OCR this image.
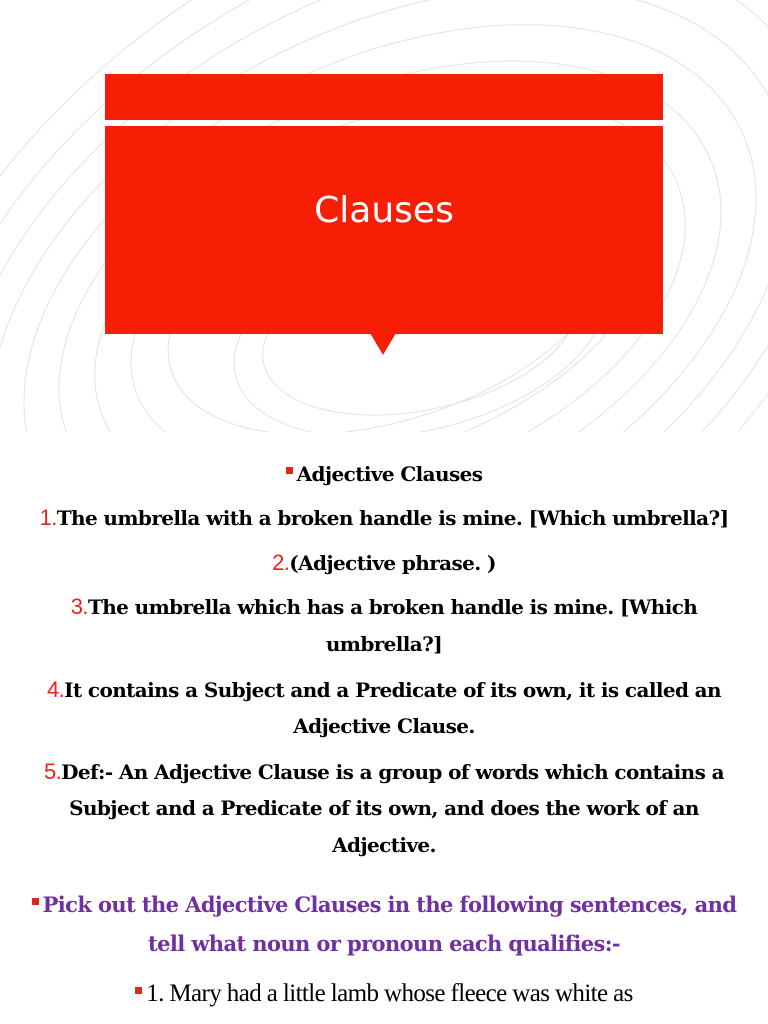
Clauses
Adjective Clauses
1.The umbrella with a broken handle is mine. [Which umbrella?]
2.(Adjective phrase. )
3.The umbrella which has a broken handle is mine. [Which
umbrella?]
4.It contains a Subject and a Predicate of its own, it is called an
Adjective Clause.
5.Def:- An Adjective Clause is a group of words which contains a
Subject and a Predicate of its own, and does the work of an
Adjective.
Pick out the Adjective Clauses in the following sentences, and
tell what noun or pronoun each qualifies:-
1. Mary had a little lamb whose fleece was white as
